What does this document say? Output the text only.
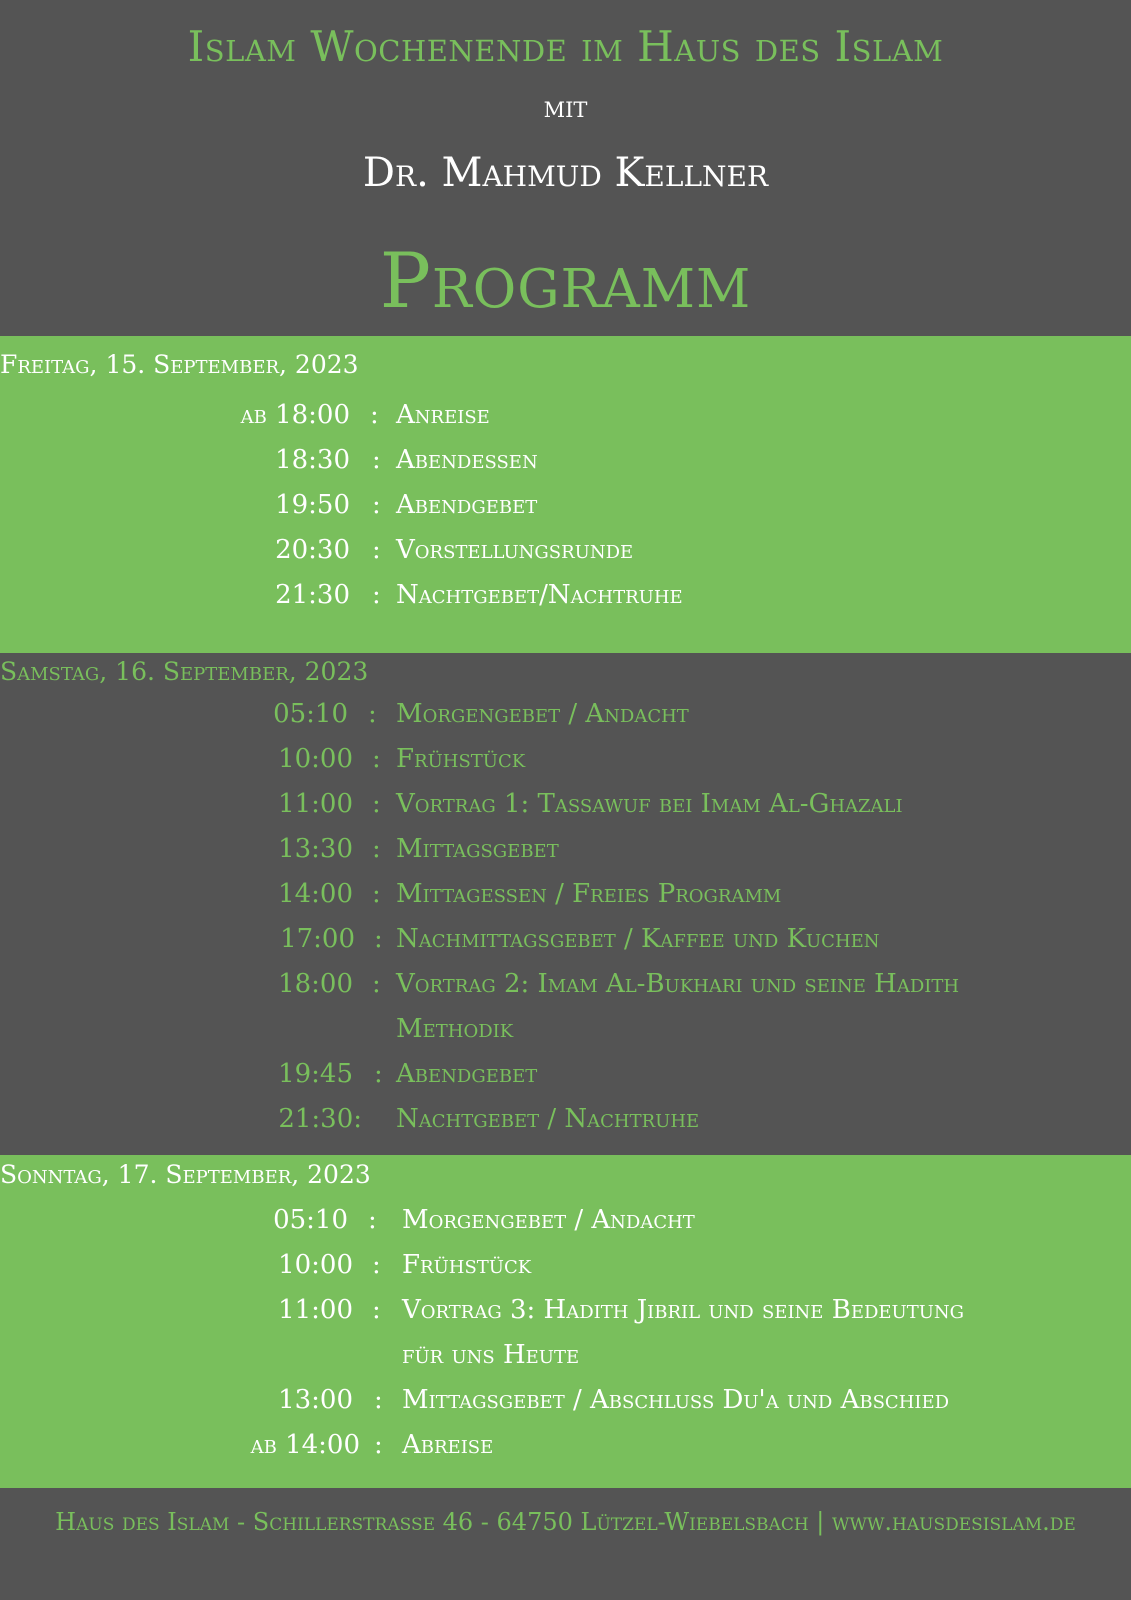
Islam Wochenende im Haus des Islam
mit
Dr. Mahmud Kellner
Programm
Freitag, 15. September, 2023
ab 18:00 : Anreise
18:30 : Abendessen
19:50 : Abendgebet
20:30 : Vorstellungsrunde
21:30 : Nachtgebet/Nachtruhe
Samstag, 16. September, 2023
05:10 : Morgengebet / Andacht
10:00 : Frühstück
11:00 : Vortrag 1: Tassawuf bei Imam Al-Ghazali
13:30 : Mittagsgebet
14:00 : Mittagessen / Freies Programm
17:00 : Nachmittagsgebet / Kaffee und Kuchen
18:00 : Vortrag 2: Imam Al-Bukhari und seine Hadith
Methodik
19:45 : Abendgebet
21:30: Nachtgebet / Nachtruhe
Sonntag, 17. September, 2023
05:10 : Morgengebet / Andacht
10:00 : Frühstück
11:00 : Vortrag 3: Hadith Jibril und seine Bedeutung
für uns Heute
13:00 : Mittagsgebet / Abschluss Du'a und Abschied
ab 14:00 : Abreise
Haus des Islam - Schillerstrasse 46 - 64750 Lützel-Wiebelsbach | www.hausdesislam.de
